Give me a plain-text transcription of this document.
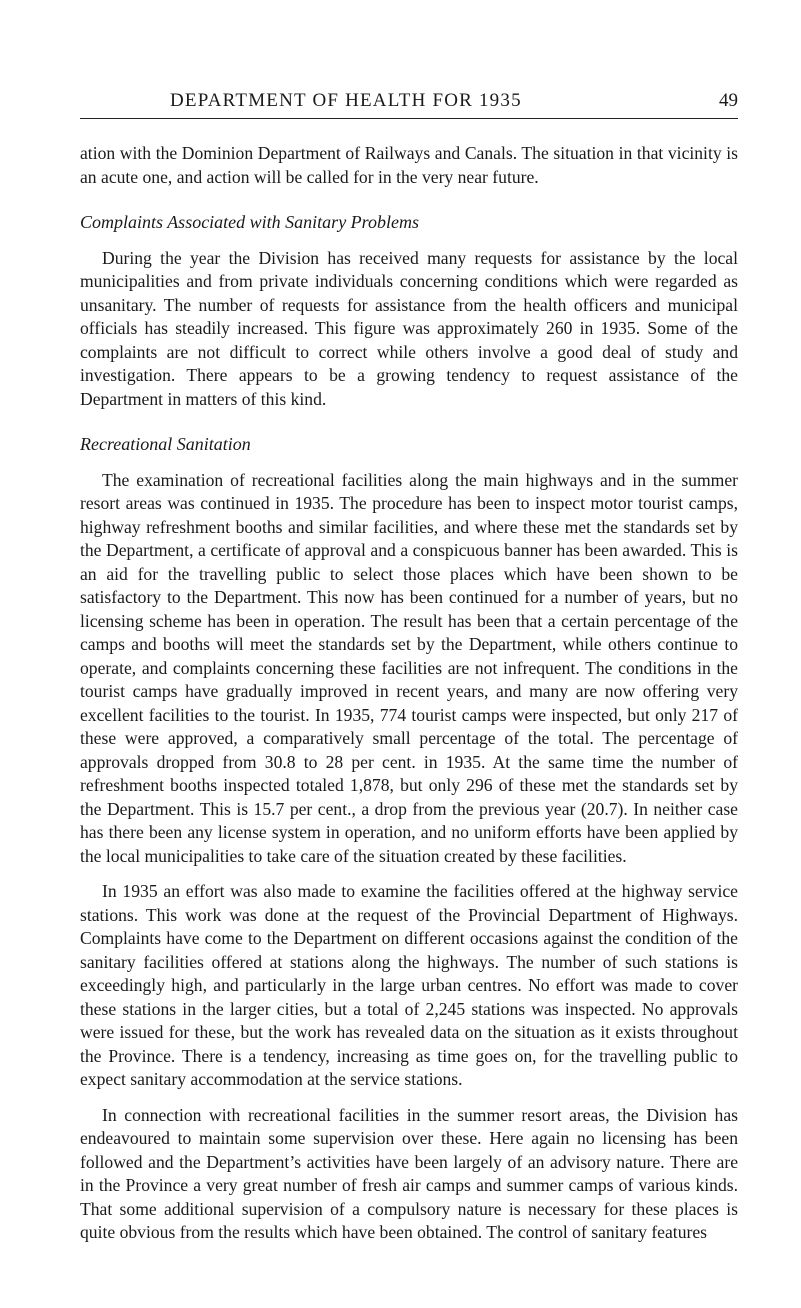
DEPARTMENT OF HEALTH FOR 1935	49

ation with the Dominion Department of Railways and Canals. The situation in that vicinity is an acute one, and action will be called for in the very near future.

Complaints Associated with Sanitary Problems

During the year the Division has received many requests for assistance by the local municipalities and from private individuals concerning conditions which were regarded as unsanitary. The number of requests for assistance from the health officers and municipal officials has steadily increased. This figure was approximately 260 in 1935. Some of the complaints are not difficult to correct while others involve a good deal of study and investigation. There appears to be a growing tendency to request assistance of the Department in matters of this kind.

Recreational Sanitation

The examination of recreational facilities along the main highways and in the summer resort areas was continued in 1935. The procedure has been to inspect motor tourist camps, highway refreshment booths and similar facilities, and where these met the standards set by the Department, a certificate of approval and a conspicuous banner has been awarded. This is an aid for the travelling public to select those places which have been shown to be satisfactory to the Department. This now has been continued for a number of years, but no licensing scheme has been in operation. The result has been that a certain percentage of the camps and booths will meet the standards set by the Department, while others continue to operate, and complaints concerning these facilities are not infrequent. The conditions in the tourist camps have gradually improved in recent years, and many are now offering very excellent facilities to the tourist. In 1935, 774 tourist camps were inspected, but only 217 of these were approved, a comparatively small percentage of the total. The percentage of approvals dropped from 30.8 to 28 per cent. in 1935. At the same time the number of refreshment booths inspected totaled 1,878, but only 296 of these met the standards set by the Department. This is 15.7 per cent., a drop from the previous year (20.7). In neither case has there been any license system in operation, and no uniform efforts have been applied by the local municipalities to take care of the situation created by these facilities.

In 1935 an effort was also made to examine the facilities offered at the highway service stations. This work was done at the request of the Provincial Department of Highways. Complaints have come to the Department on different occasions against the condition of the sanitary facilities offered at stations along the highways. The number of such stations is exceedingly high, and particularly in the large urban centres. No effort was made to cover these stations in the larger cities, but a total of 2,245 stations was inspected. No approvals were issued for these, but the work has revealed data on the situation as it exists throughout the Province. There is a tendency, increasing as time goes on, for the travelling public to expect sanitary accommodation at the service stations.

In connection with recreational facilities in the summer resort areas, the Division has endeavoured to maintain some supervision over these. Here again no licensing has been followed and the Department’s activities have been largely of an advisory nature. There are in the Province a very great number of fresh air camps and summer camps of various kinds. That some additional supervision of a compulsory nature is necessary for these places is quite obvious from the results which have been obtained. The control of sanitary features
